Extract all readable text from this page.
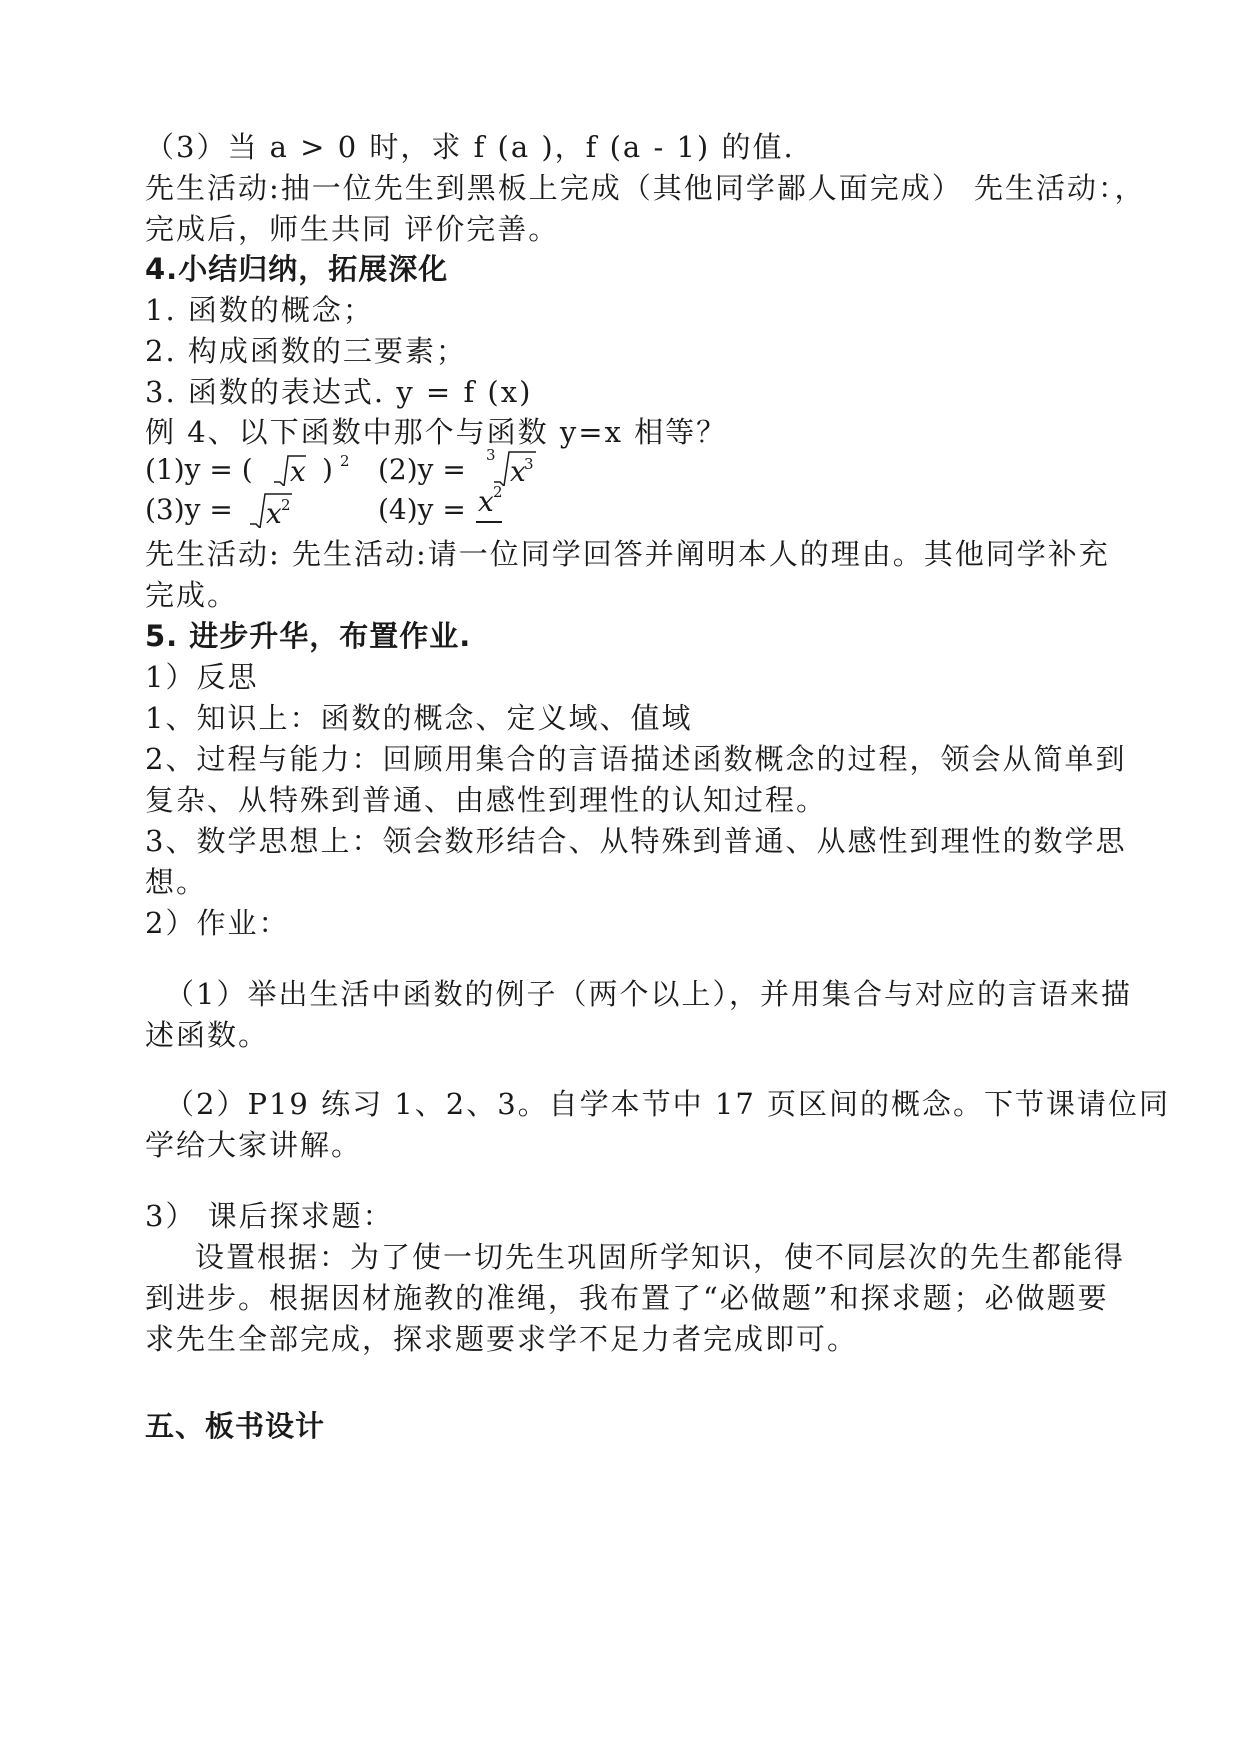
（3）当 a > 0 时，求 f (a )，f (a - 1) 的值.
先生活动:抽一位先生到黑板上完成（其他同学鄙人面完成） 先生活动：，
完成后，师生共同 评价完善。
4.小结归纳，拓展深化
1. 函数的概念；
2. 构成函数的三要素；
3. 函数的表达式. y = f (x)
例 4、以下函数中那个与函数 y=x 相等？
(1)y = ( x ) 2 (2)y = 3 x
3
(3)y = x 2	(4)y = x 2
先生活动: 先生活动:请一位同学回答并阐明本人的理由。其他同学补充
完成。
5. 进步升华，布置作业.
1）反思
1、知识上：函数的概念、定义域、值域
2、过程与能力：回顾用集合的言语描述函数概念的过程，领会从简单到
复杂、从特殊到普通、由感性到理性的认知过程。
3、数学思想上：领会数形结合、从特殊到普通、从感性到理性的数学思
想。
2）作业：
（1）举出生活中函数的例子（两个以上），并用集合与对应的言语来描
述函数。
（2）P19 练习 1、2、3。自学本节中 17 页区间的概念。下节课请位同
学给大家讲解。
3） 课后探求题：
设置根据：为了使一切先生巩固所学知识，使不同层次的先生都能得
到进步。根据因材施教的准绳，我布置了“必做题”和探求题；必做题要
求先生全部完成，探求题要求学不足力者完成即可。
五、板书设计
